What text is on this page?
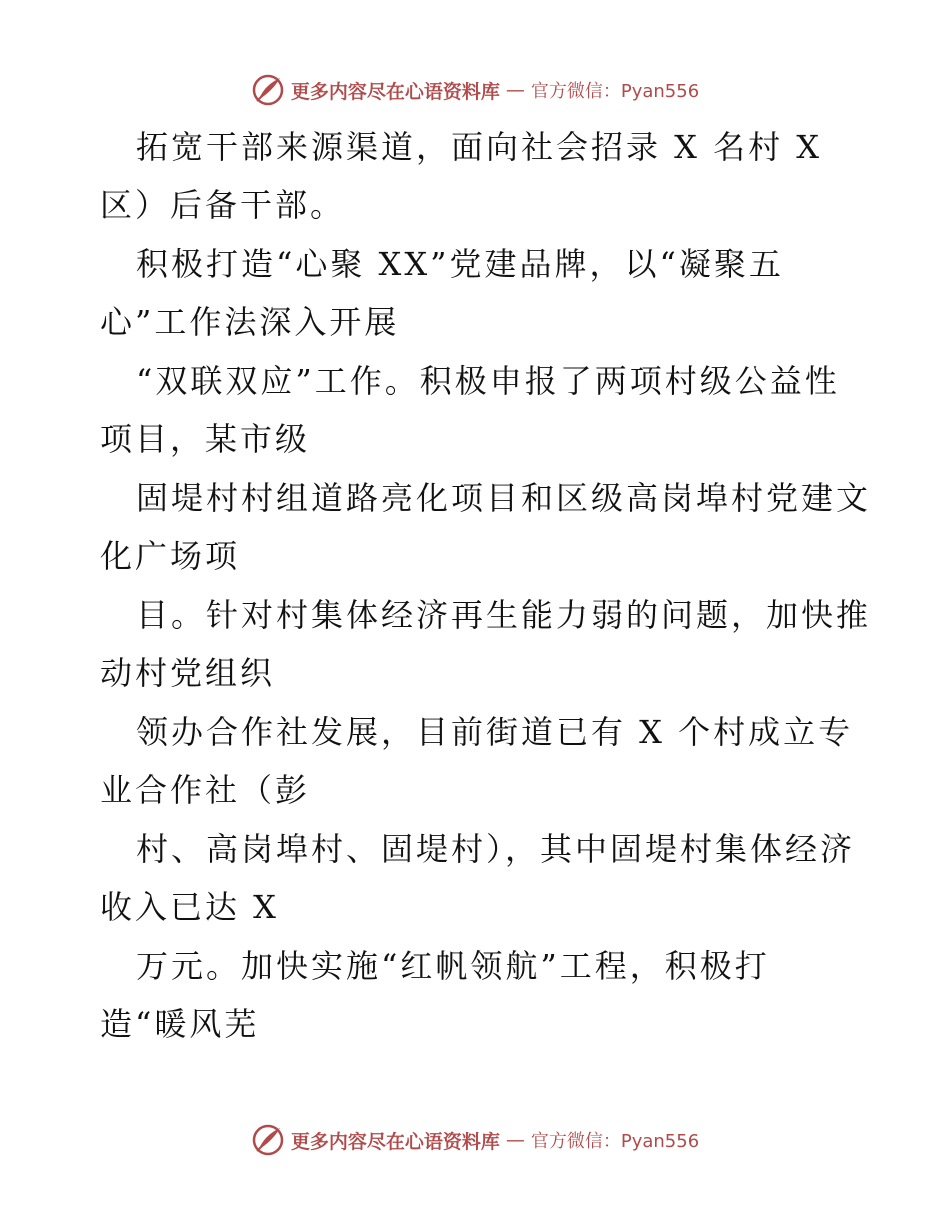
更多内容尽在心语资料库 — 官方微信：Pyan556
拓宽干部来源渠道，面向社会招录 X 名村 X
区）后备干部。
积极打造“心聚 XX”党建品牌，以“凝聚五
心”工作法深入开展
“双联双应”工作。积极申报了两项村级公益性
项目，某市级
固堤村村组道路亮化项目和区级高岗埠村党建文
化广场项
目。针对村集体经济再生能力弱的问题，加快推
动村党组织
领办合作社发展，目前街道已有 X 个村成立专
业合作社（彭
村、高岗埠村、固堤村），其中固堤村集体经济
收入已达 X
万元。加快实施“红帆领航”工程，积极打
造“暖风芜
更多内容尽在心语资料库 — 官方微信：Pyan556
